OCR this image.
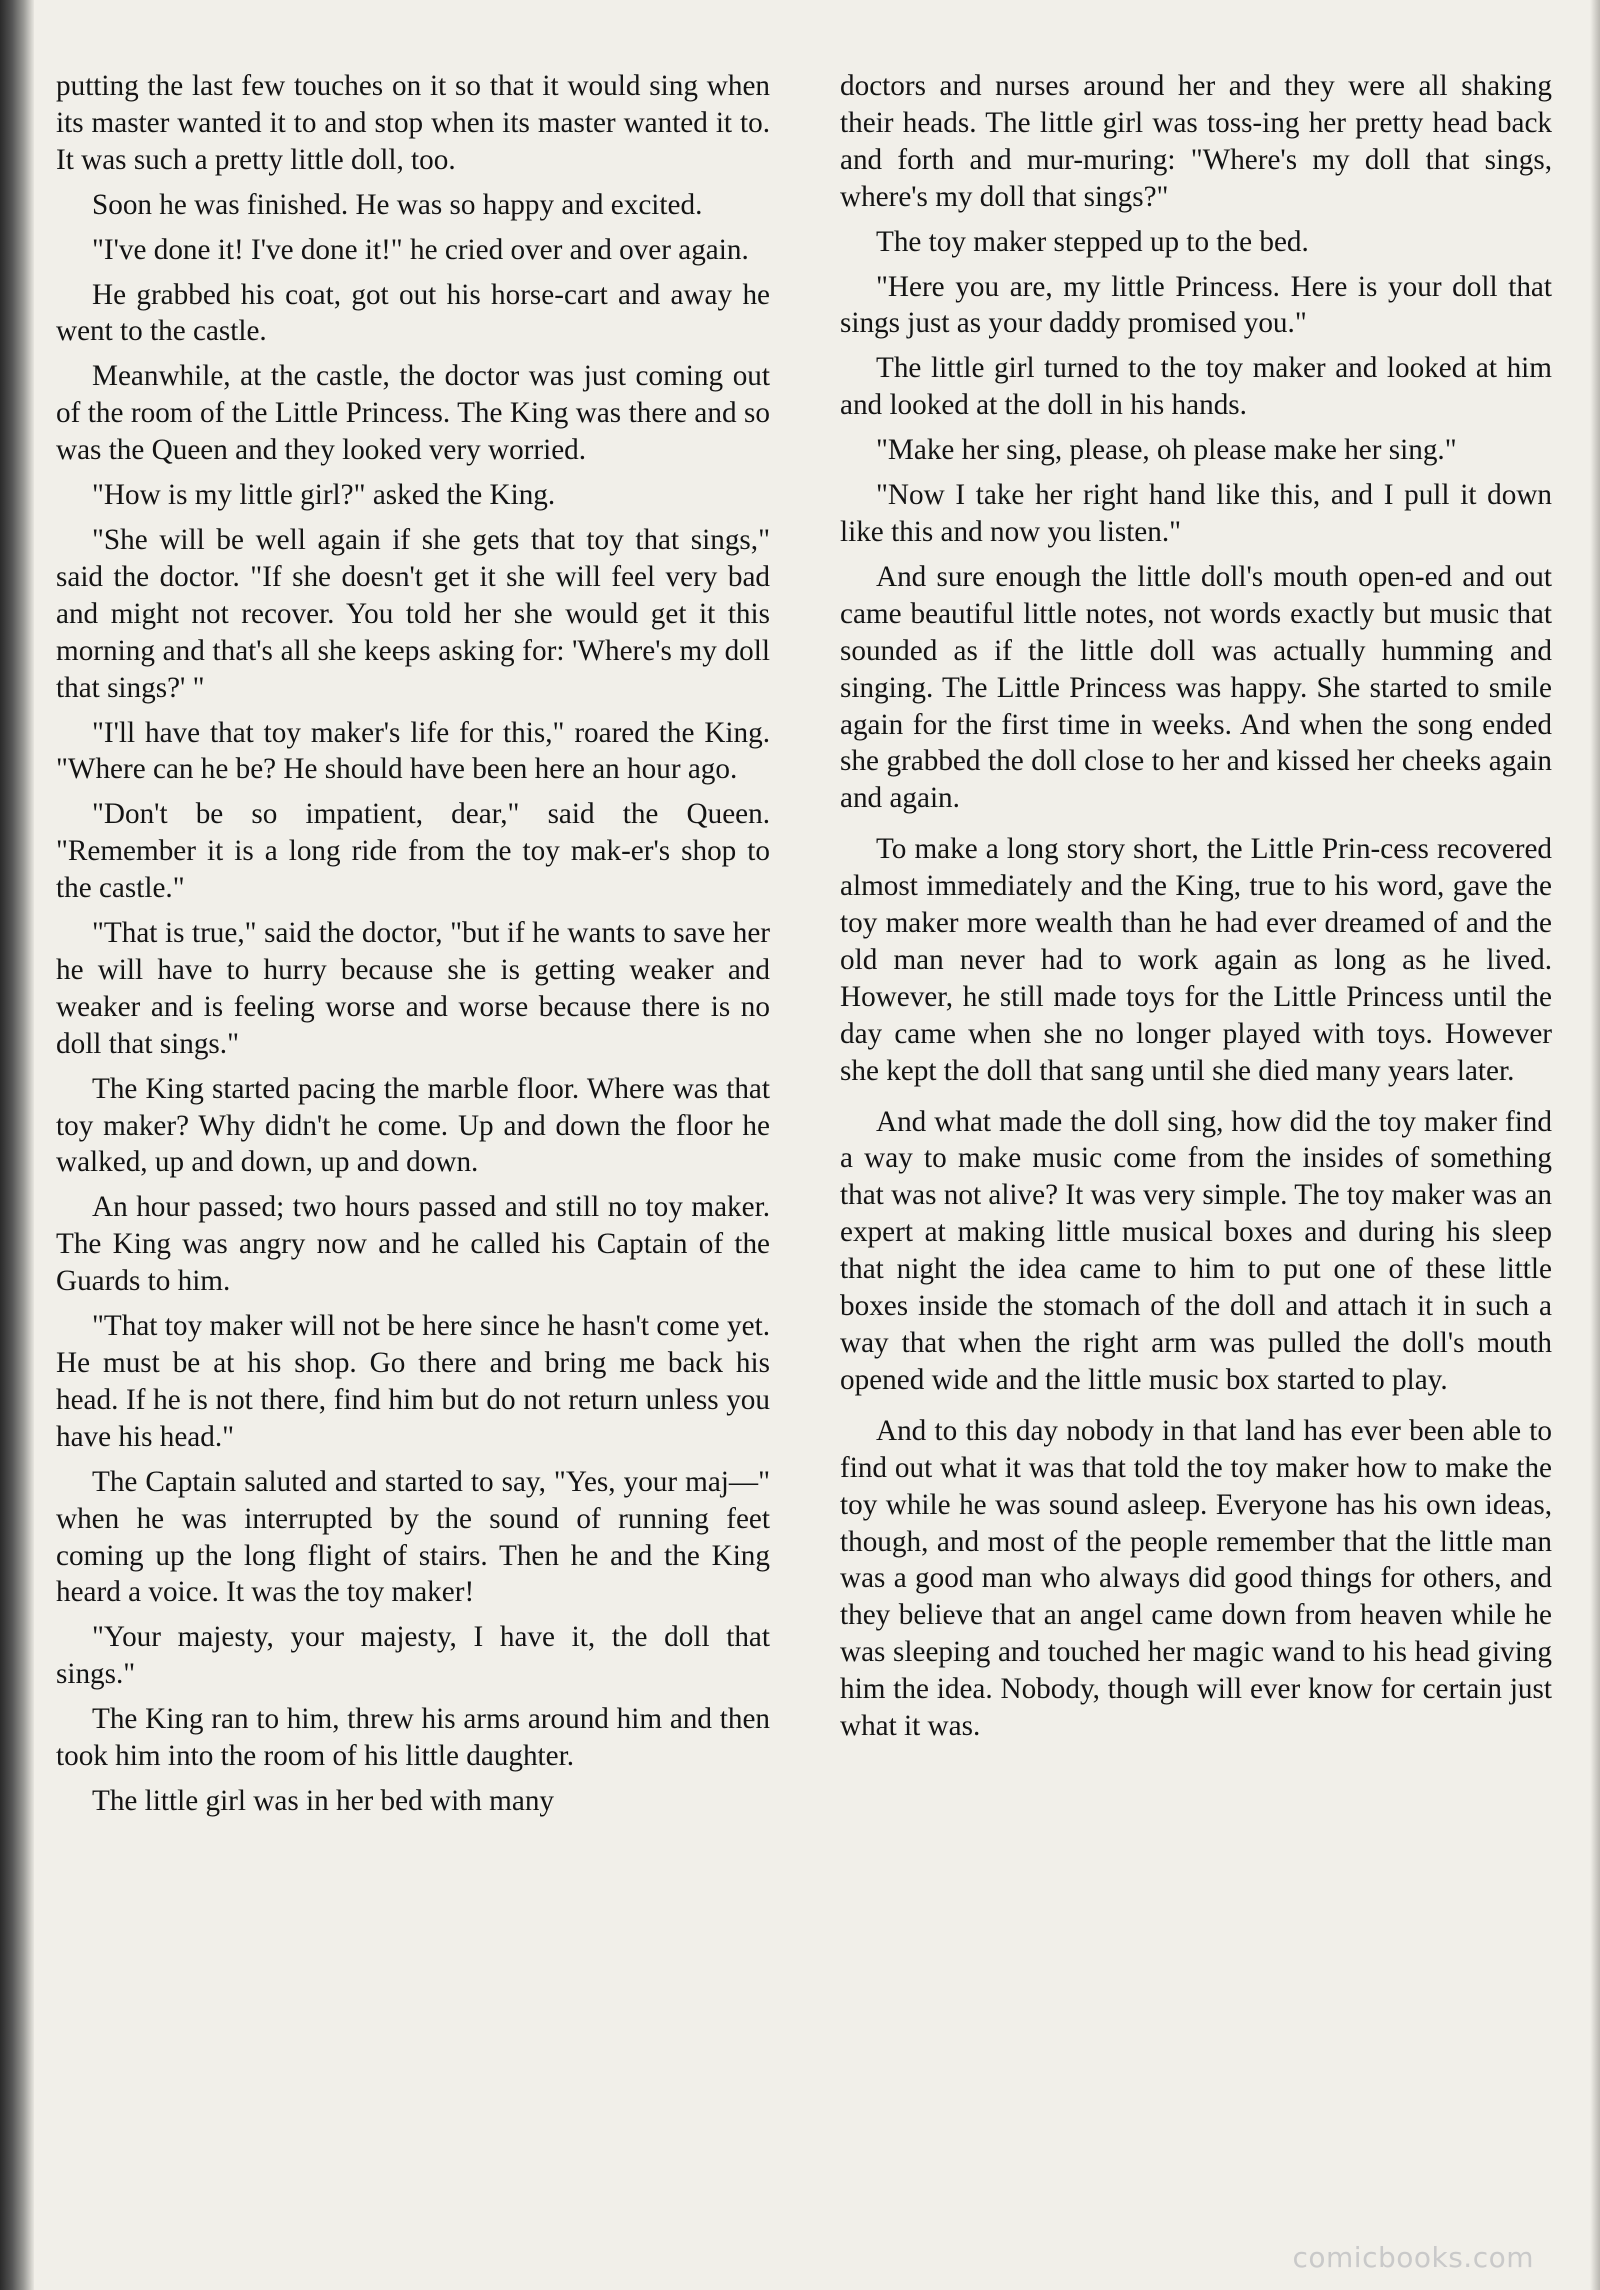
putting the last few touches on it so that it would sing when its master wanted it to and stop when its master wanted it to. It was such a pretty little doll, too.

Soon he was finished. He was so happy and excited.

"I've done it! I've done it!" he cried over and over again.

He grabbed his coat, got out his horse-cart and away he went to the castle.

Meanwhile, at the castle, the doctor was just coming out of the room of the Little Princess. The King was there and so was the Queen and they looked very worried.

"How is my little girl?" asked the King.

"She will be well again if she gets that toy that sings," said the doctor. "If she doesn't get it she will feel very bad and might not recover. You told her she would get it this morning and that's all she keeps asking for: 'Where's my doll that sings?' "

"I'll have that toy maker's life for this," roared the King. "Where can he be? He should have been here an hour ago.

"Don't be so impatient, dear," said the Queen. "Remember it is a long ride from the toy mak-er's shop to the castle."

"That is true," said the doctor, "but if he wants to save her he will have to hurry because she is getting weaker and weaker and is feeling worse and worse because there is no doll that sings."

The King started pacing the marble floor. Where was that toy maker? Why didn't he come. Up and down the floor he walked, up and down, up and down.

An hour passed; two hours passed and still no toy maker. The King was angry now and he called his Captain of the Guards to him.

"That toy maker will not be here since he hasn't come yet. He must be at his shop. Go there and bring me back his head. If he is not there, find him but do not return unless you have his head."

The Captain saluted and started to say, "Yes, your maj—" when he was interrupted by the sound of running feet coming up the long flight of stairs. Then he and the King heard a voice. It was the toy maker!

"Your majesty, your majesty, I have it, the doll that sings."

The King ran to him, threw his arms around him and then took him into the room of his little daughter.

The little girl was in her bed with many

doctors and nurses around her and they were all shaking their heads. The little girl was toss-ing her pretty head back and forth and mur-muring: "Where's my doll that sings, where's my doll that sings?"

The toy maker stepped up to the bed.

"Here you are, my little Princess. Here is your doll that sings just as your daddy promised you."

The little girl turned to the toy maker and looked at him and looked at the doll in his hands.

"Make her sing, please, oh please make her sing."

"Now I take her right hand like this, and I pull it down like this and now you listen."

And sure enough the little doll's mouth open-ed and out came beautiful little notes, not words exactly but music that sounded as if the little doll was actually humming and singing. The Little Princess was happy. She started to smile again for the first time in weeks. And when the song ended she grabbed the doll close to her and kissed her cheeks again and again.

To make a long story short, the Little Prin-cess recovered almost immediately and the King, true to his word, gave the toy maker more wealth than he had ever dreamed of and the old man never had to work again as long as he lived. However, he still made toys for the Little Princess until the day came when she no longer played with toys. However she kept the doll that sang until she died many years later.

And what made the doll sing, how did the toy maker find a way to make music come from the insides of something that was not alive? It was very simple. The toy maker was an expert at making little musical boxes and during his sleep that night the idea came to him to put one of these little boxes inside the stomach of the doll and attach it in such a way that when the right arm was pulled the doll's mouth opened wide and the little music box started to play.

And to this day nobody in that land has ever been able to find out what it was that told the toy maker how to make the toy while he was sound asleep. Everyone has his own ideas, though, and most of the people remember that the little man was a good man who always did good things for others, and they believe that an angel came down from heaven while he was sleeping and touched her magic wand to his head giving him the idea. Nobody, though will ever know for certain just what it was.

comicbooks.com
